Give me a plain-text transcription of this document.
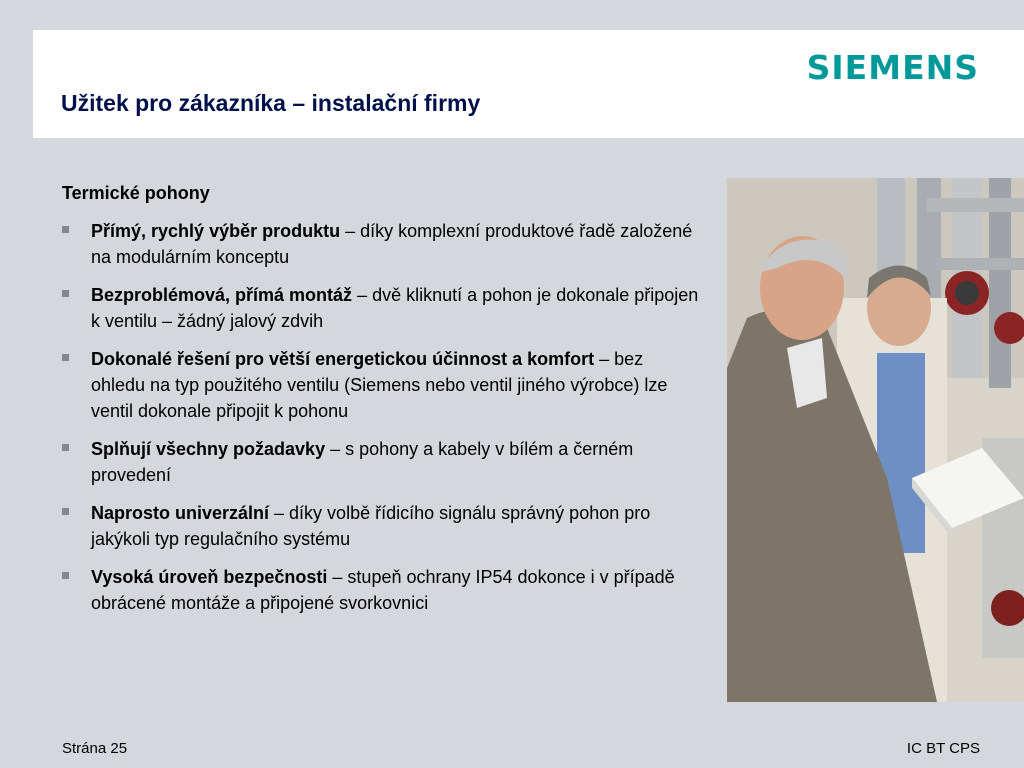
SIEMENS
Užitek pro zákazníka – instalační firmy
Termické pohony
Přímý, rychlý výběr produktu – díky komplexní produktové řadě založené na modulárním konceptu
Bezproblémová, přímá montáž – dvě kliknutí a pohon je dokonale připojen k ventilu – žádný jalový zdvih
Dokonalé řešení pro větší energetickou účinnost a komfort – bez ohledu na typ použitého ventilu (Siemens nebo ventil jiného výrobce) lze ventil dokonale připojit k pohonu
Splňují všechny požadavky – s pohony a kabely v bílém a černém provedení
Naprosto univerzální – díky volbě řídicího signálu správný pohon pro jakýkoli typ regulačního systému
Vysoká úroveň bezpečnosti – stupeň ochrany IP54 dokonce i v případě obrácené montáže a připojené svorkovnici
Strána 25	IC BT CPS
